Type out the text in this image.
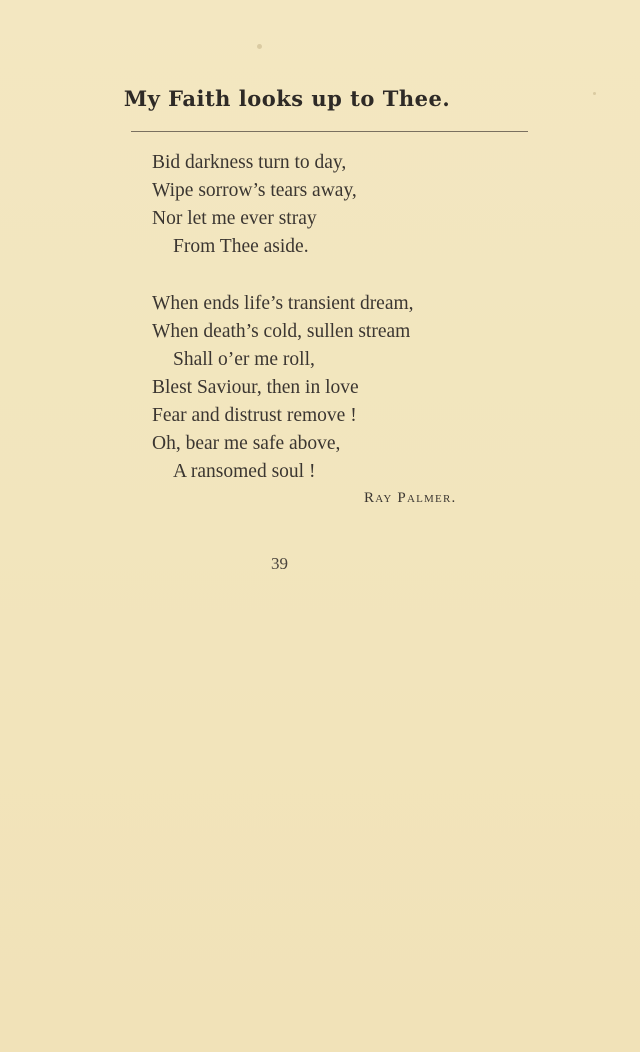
My Faith looks up to Thee.
Bid darkness turn to day,
Wipe sorrow’s tears away,
Nor let me ever stray
From Thee aside.
When ends life’s transient dream,
When death’s cold, sullen stream
Shall o’er me roll,
Blest Saviour, then in love
Fear and distrust remove !
Oh, bear me safe above,
A ransomed soul !
Ray Palmer.
39
